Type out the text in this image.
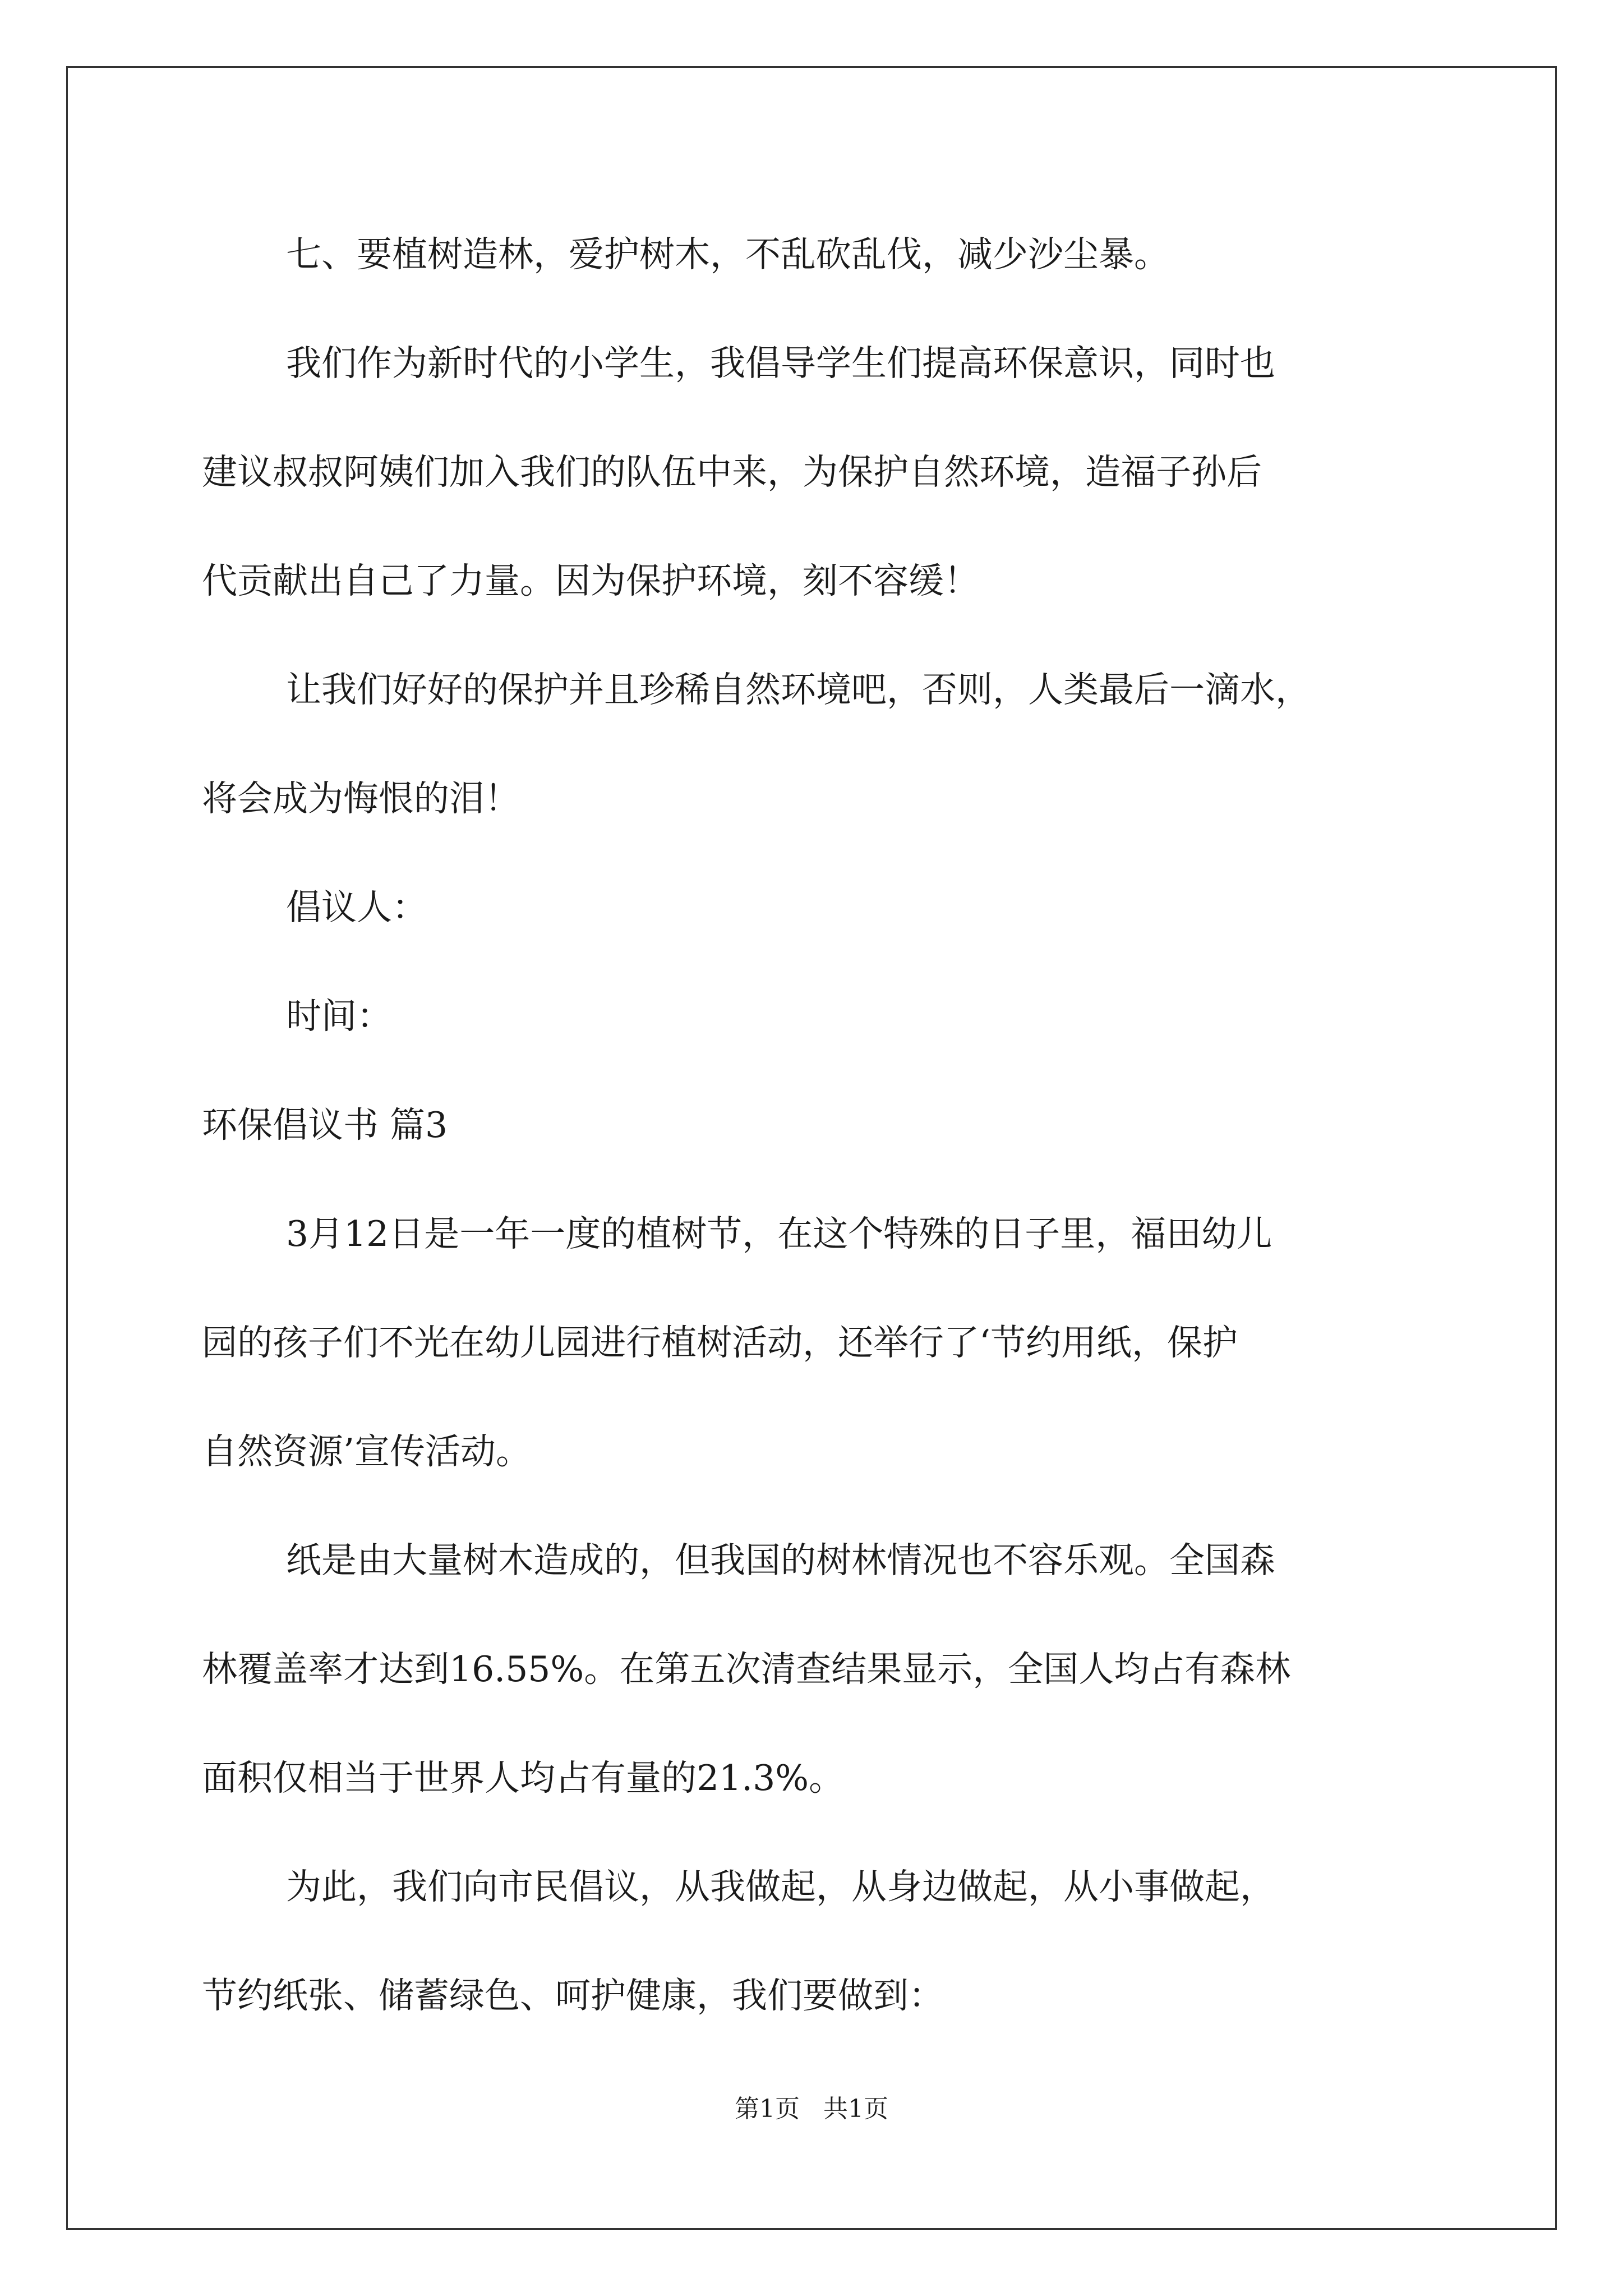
七、要植树造林，爱护树木，不乱砍乱伐，减少沙尘暴。

我们作为新时代的小学生，我倡导学生们提高环保意识，同时也

建议叔叔阿姨们加入我们的队伍中来，为保护自然环境，造福子孙后

代贡献出自己了力量。因为保护环境，刻不容缓！

让我们好好的保护并且珍稀自然环境吧，否则，人类最后一滴水，

将会成为悔恨的泪！

倡议人：

时间：

环保倡议书 篇3

3月12日是一年一度的植树节，在这个特殊的日子里，福田幼儿

园的孩子们不光在幼儿园进行植树活动，还举行了‘节约用纸，保护

自然资源’宣传活动。

纸是由大量树木造成的，但我国的树林情况也不容乐观。全国森

林覆盖率才达到16.55%。在第五次清查结果显示，全国人均占有森林

面积仅相当于世界人均占有量的21.3%。

为此，我们向市民倡议，从我做起，从身边做起，从小事做起，

节约纸张、储蓄绿色、呵护健康，我们要做到：

第1页   共1页
